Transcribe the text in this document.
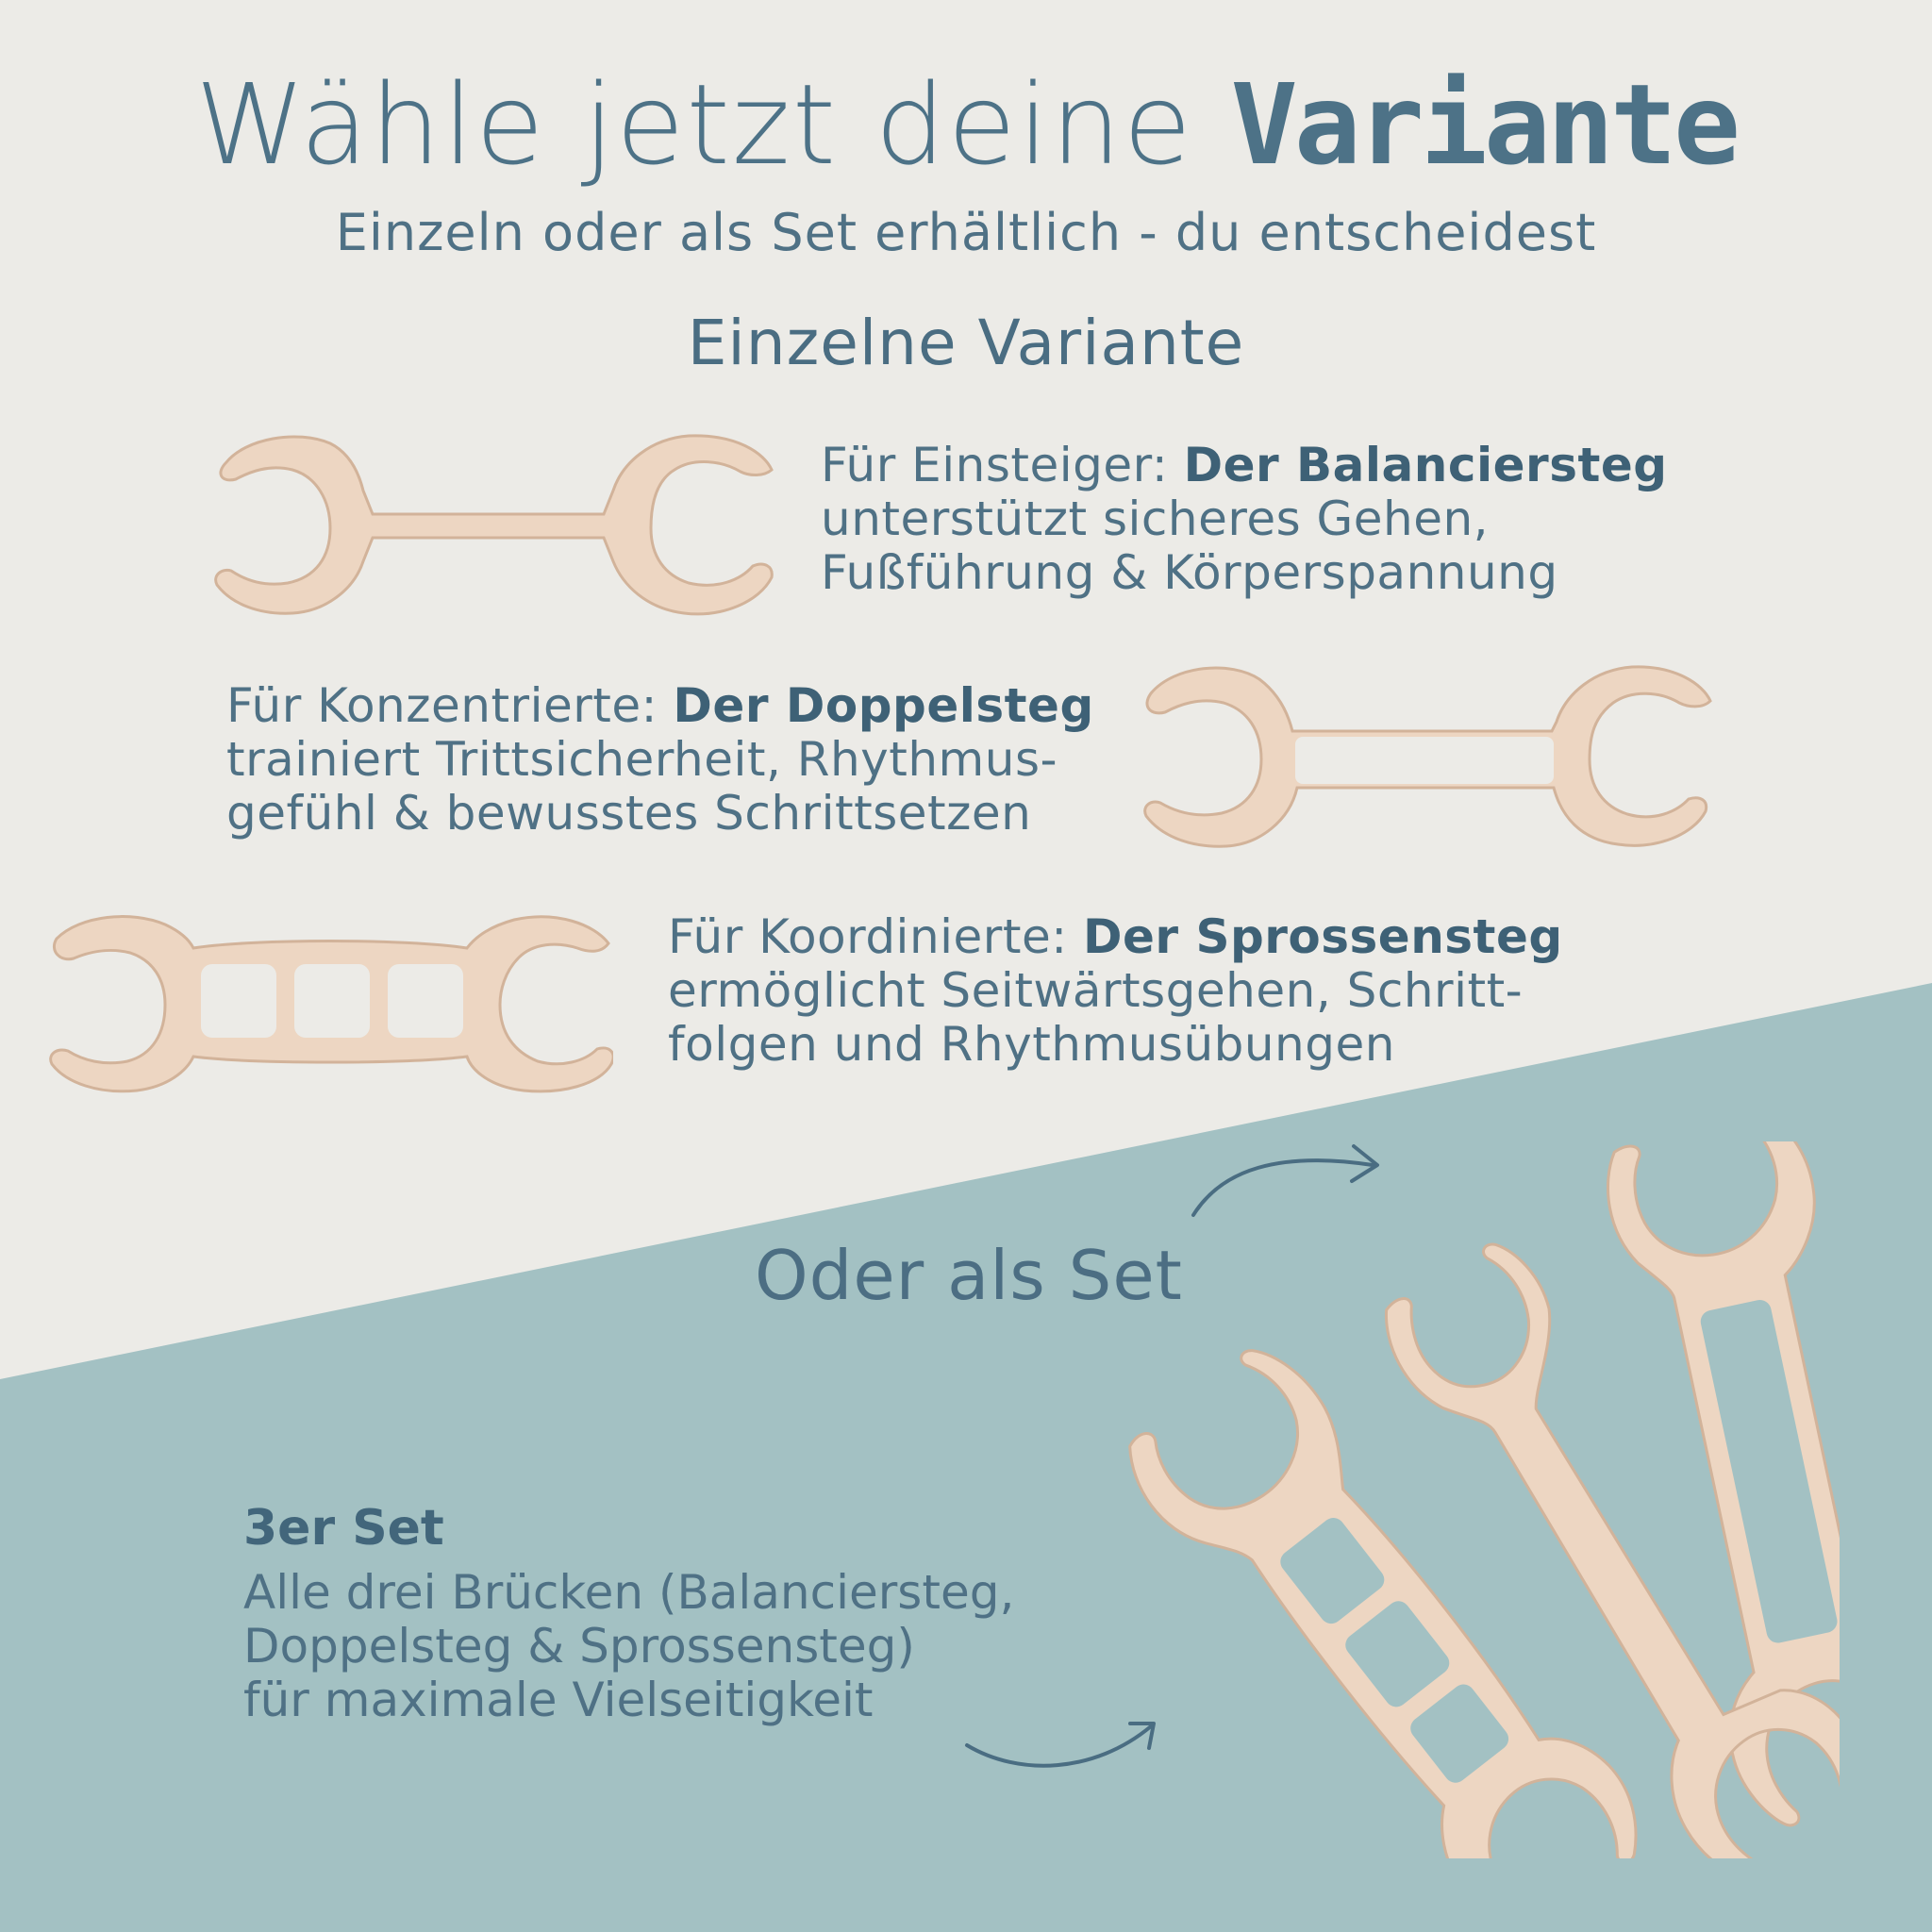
Wähle jetzt deine Variante
Einzeln oder als Set erhältlich - du entscheidest
Einzelne Variante
Für Einsteiger: Der Balanciersteg
unterstützt sicheres Gehen,
Fußführung & Körperspannung
Für Konzentrierte: Der Doppelsteg
trainiert Trittsicherheit, Rhythmus-
gefühl & bewusstes Schrittsetzen
Für Koordinierte: Der Sprossensteg
ermöglicht Seitwärtsgehen, Schritt-
folgen und Rhythmusübungen
Oder als Set
3er Set
Alle drei Brücken (Balanciersteg,
Doppelsteg & Sprossensteg)
für maximale Vielseitigkeit
